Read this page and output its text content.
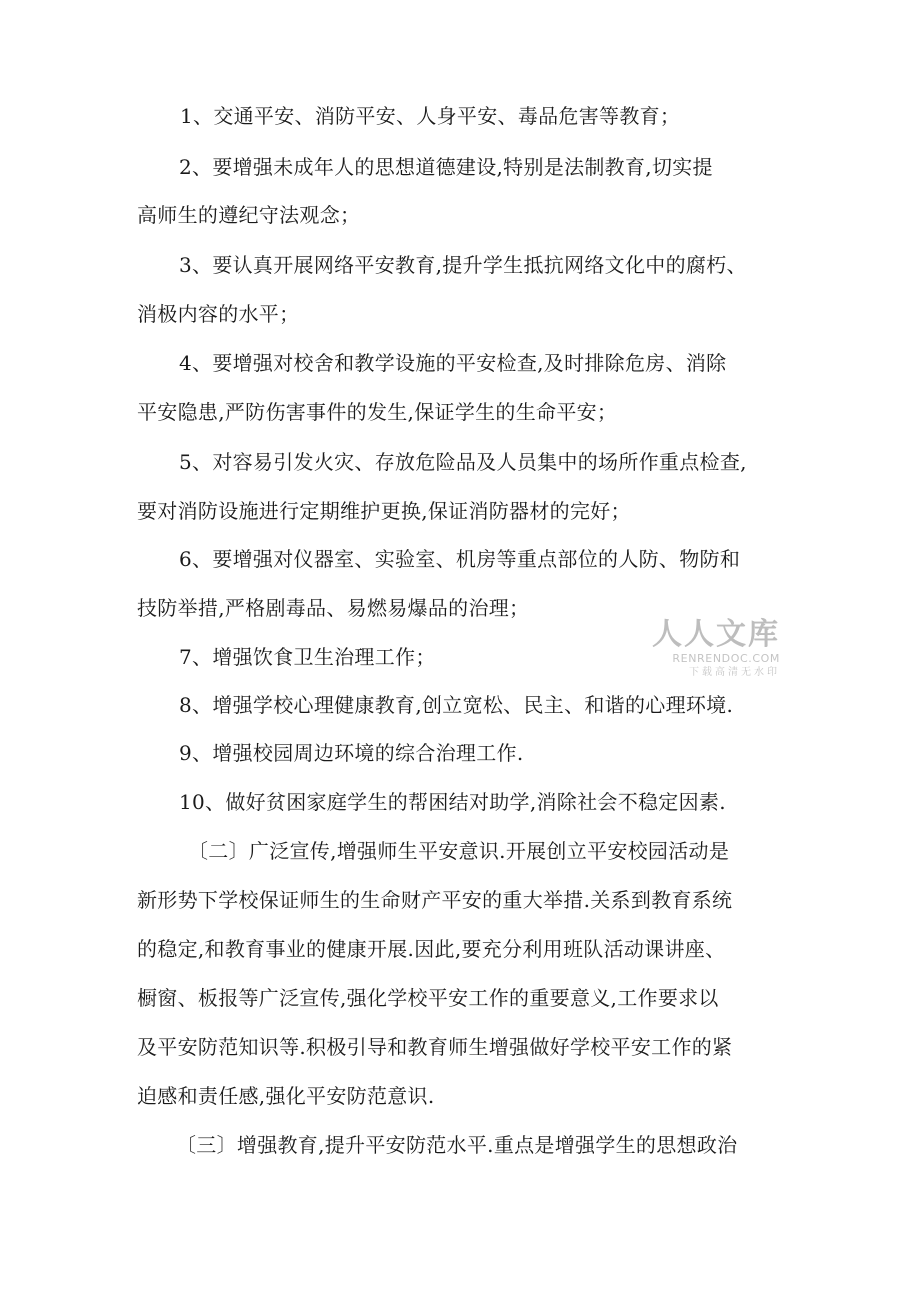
1、交通平安、消防平安、人身平安、毒品危害等教育；
2、要增强未成年人的思想道德建设,特别是法制教育,切实提
高师生的遵纪守法观念；
3、要认真开展网络平安教育,提升学生抵抗网络文化中的腐朽、
消极内容的水平；
4、要增强对校舍和教学设施的平安检查,及时排除危房、消除
平安隐患,严防伤害事件的发生,保证学生的生命平安；
5、对容易引发火灾、存放危险品及人员集中的场所作重点检查,
要对消防设施进行定期维护更换,保证消防器材的完好；
6、要增强对仪器室、实验室、机房等重点部位的人防、物防和
技防举措,严格剧毒品、易燃易爆品的治理；
7、增强饮食卫生治理工作；
8、增强学校心理健康教育,创立宽松、民主、和谐的心理环境.
9、增强校园周边环境的综合治理工作.
10、做好贫困家庭学生的帮困结对助学,消除社会不稳定因素.
〔二〕广泛宣传,增强师生平安意识.开展创立平安校园活动是
新形势下学校保证师生的生命财产平安的重大举措.关系到教育系统
的稳定,和教育事业的健康开展.因此,要充分利用班队活动课讲座、
橱窗、板报等广泛宣传,强化学校平安工作的重要意义,工作要求以
及平安防范知识等.积极引导和教育师生增强做好学校平安工作的紧
迫感和责任感,强化平安防范意识.
〔三〕增强教育,提升平安防范水平.重点是增强学生的思想政治
人人文库
RENRENDOC.COM
下载高清无水印
